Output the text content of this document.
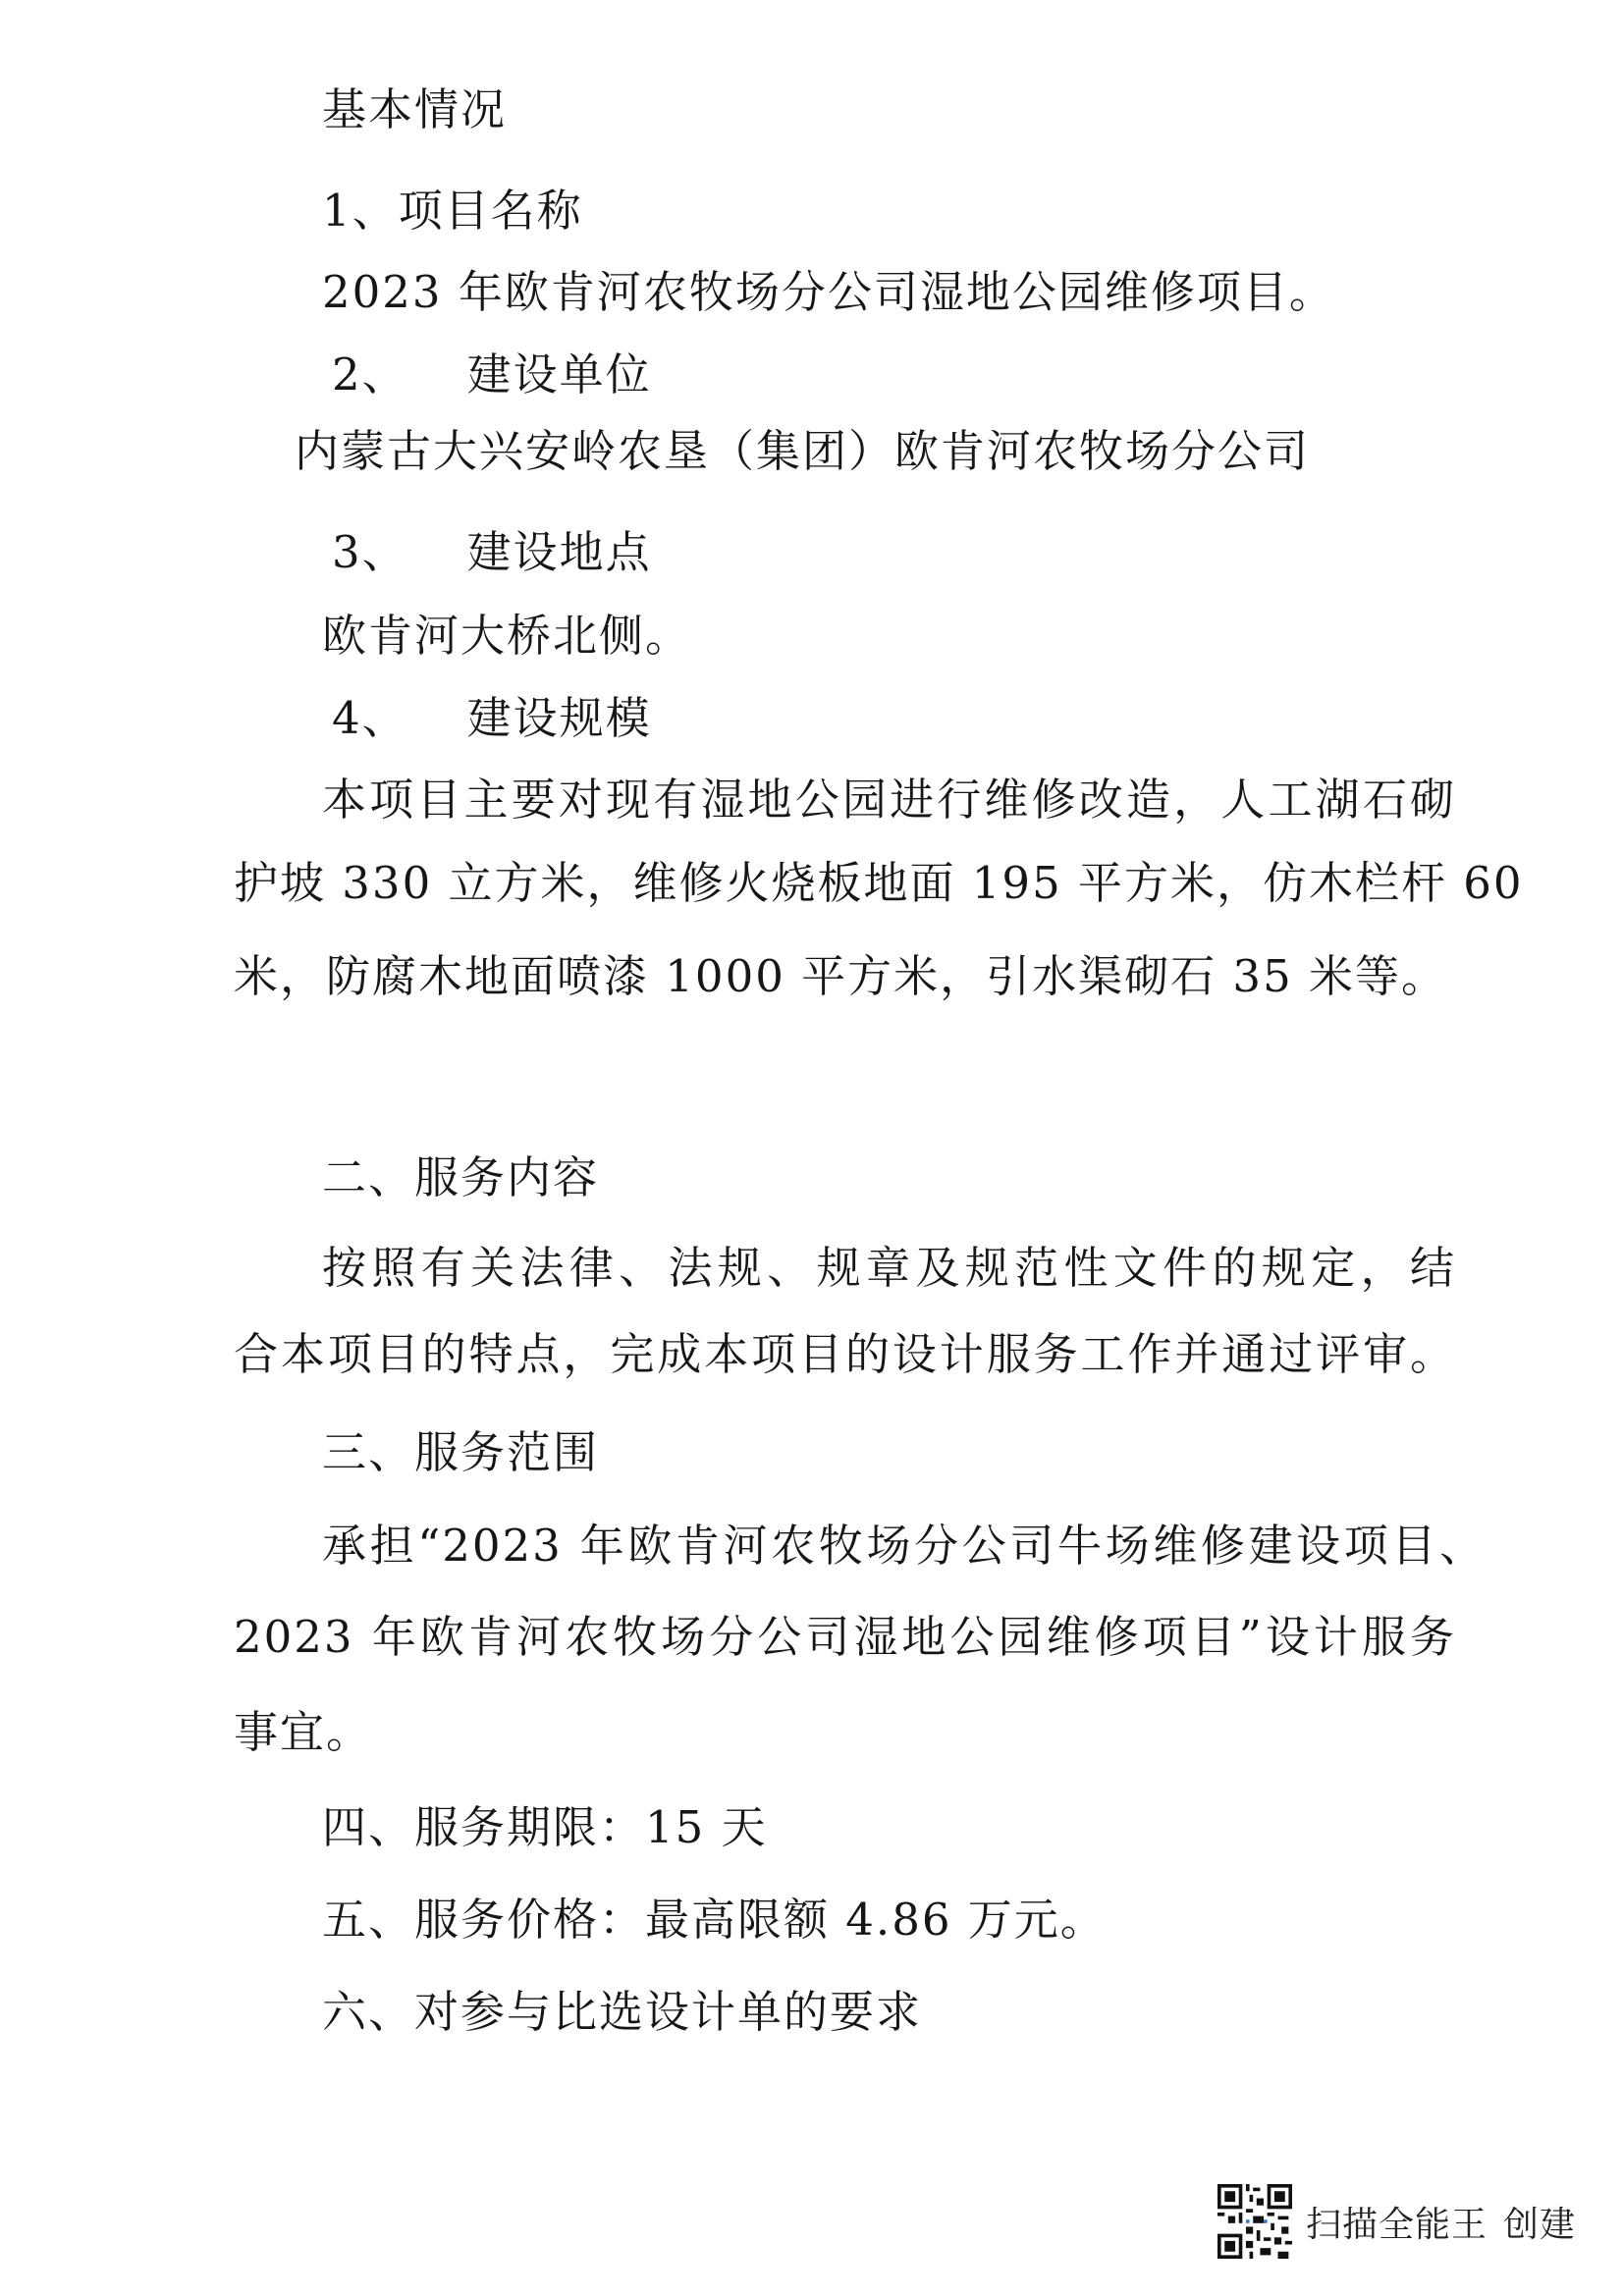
基本情况
1、项目名称
2023 年欧肯河农牧场分公司湿地公园维修项目。
2、 建设单位
内蒙古大兴安岭农垦（集团）欧肯河农牧场分公司
3、 建设地点
欧肯河大桥北侧。
4、 建设规模
本项目主要对现有湿地公园进行维修改造，人工湖石砌
护坡 330 立方米，维修火烧板地面 195 平方米，仿木栏杆 60
米，防腐木地面喷漆 1000 平方米，引水渠砌石 35 米等。
二、服务内容
按照有关法律、法规、规章及规范性文件的规定，结
合本项目的特点，完成本项目的设计服务工作并通过评审。
三、服务范围
承担“2023 年欧肯河农牧场分公司牛场维修建设项目、
2023 年欧肯河农牧场分公司湿地公园维修项目”设计服务
事宜。
四、服务期限：15 天
五、服务价格：最高限额 4.86 万元。
六、对参与比选设计单的要求
扫描全能王 创建
